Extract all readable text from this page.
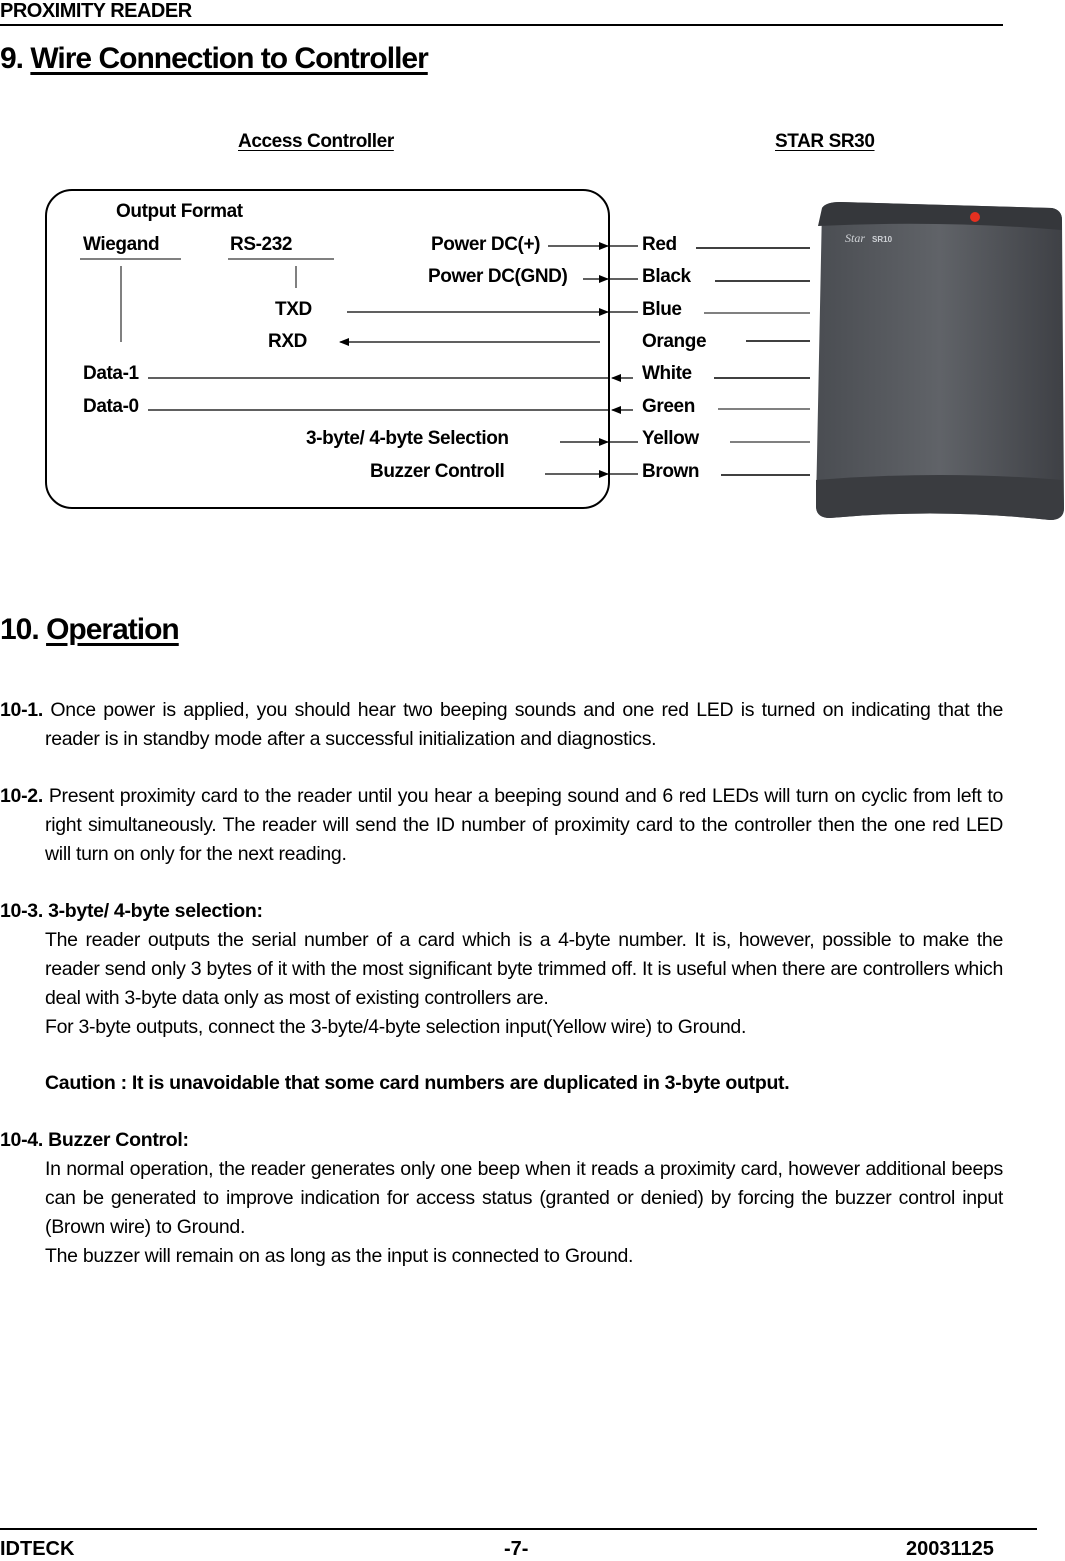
PROXIMITY READER
9. Wire Connection to Controller
Access Controller	STAR SR30
Star SR10
Output Format
Wiegand	RS-232	Power DC(+)
Power DC(GND)
TXD
RXD
Data-1
Data-0
3-byte/ 4-byte Selection
Buzzer Controll
Red
Black
Blue
Orange
White
Green
Yellow
Brown
10. Operation
10-1. Once power is applied, you should hear two beeping sounds and one red LED is turned on indicating that the reader is in standby mode after a successful initialization and diagnostics.
10-2. Present proximity card to the reader until you hear a beeping sound and 6 red LEDs will turn on cyclic from left to right simultaneously. The reader will send the ID number of proximity card to the controller then the one red LED will turn on only for the next reading.
10-3. 3-byte/ 4-byte selection:
The reader outputs the serial number of a card which is a 4-byte number. It is, however, possible to make the reader send only 3 bytes of it with the most significant byte trimmed off. It is useful when there are controllers which deal with 3-byte data only as most of existing controllers are.
For 3-byte outputs, connect the 3-byte/4-byte selection input(Yellow wire) to Ground.
Caution : It is unavoidable that some card numbers are duplicated in 3-byte output.
10-4. Buzzer Control:
In normal operation, the reader generates only one beep when it reads a proximity card, however additional beeps can be generated to improve indication for access status (granted or denied) by forcing the buzzer control input (Brown wire) to Ground.
The buzzer will remain on as long as the input is connected to Ground.
IDTECK	-7-	20031125
